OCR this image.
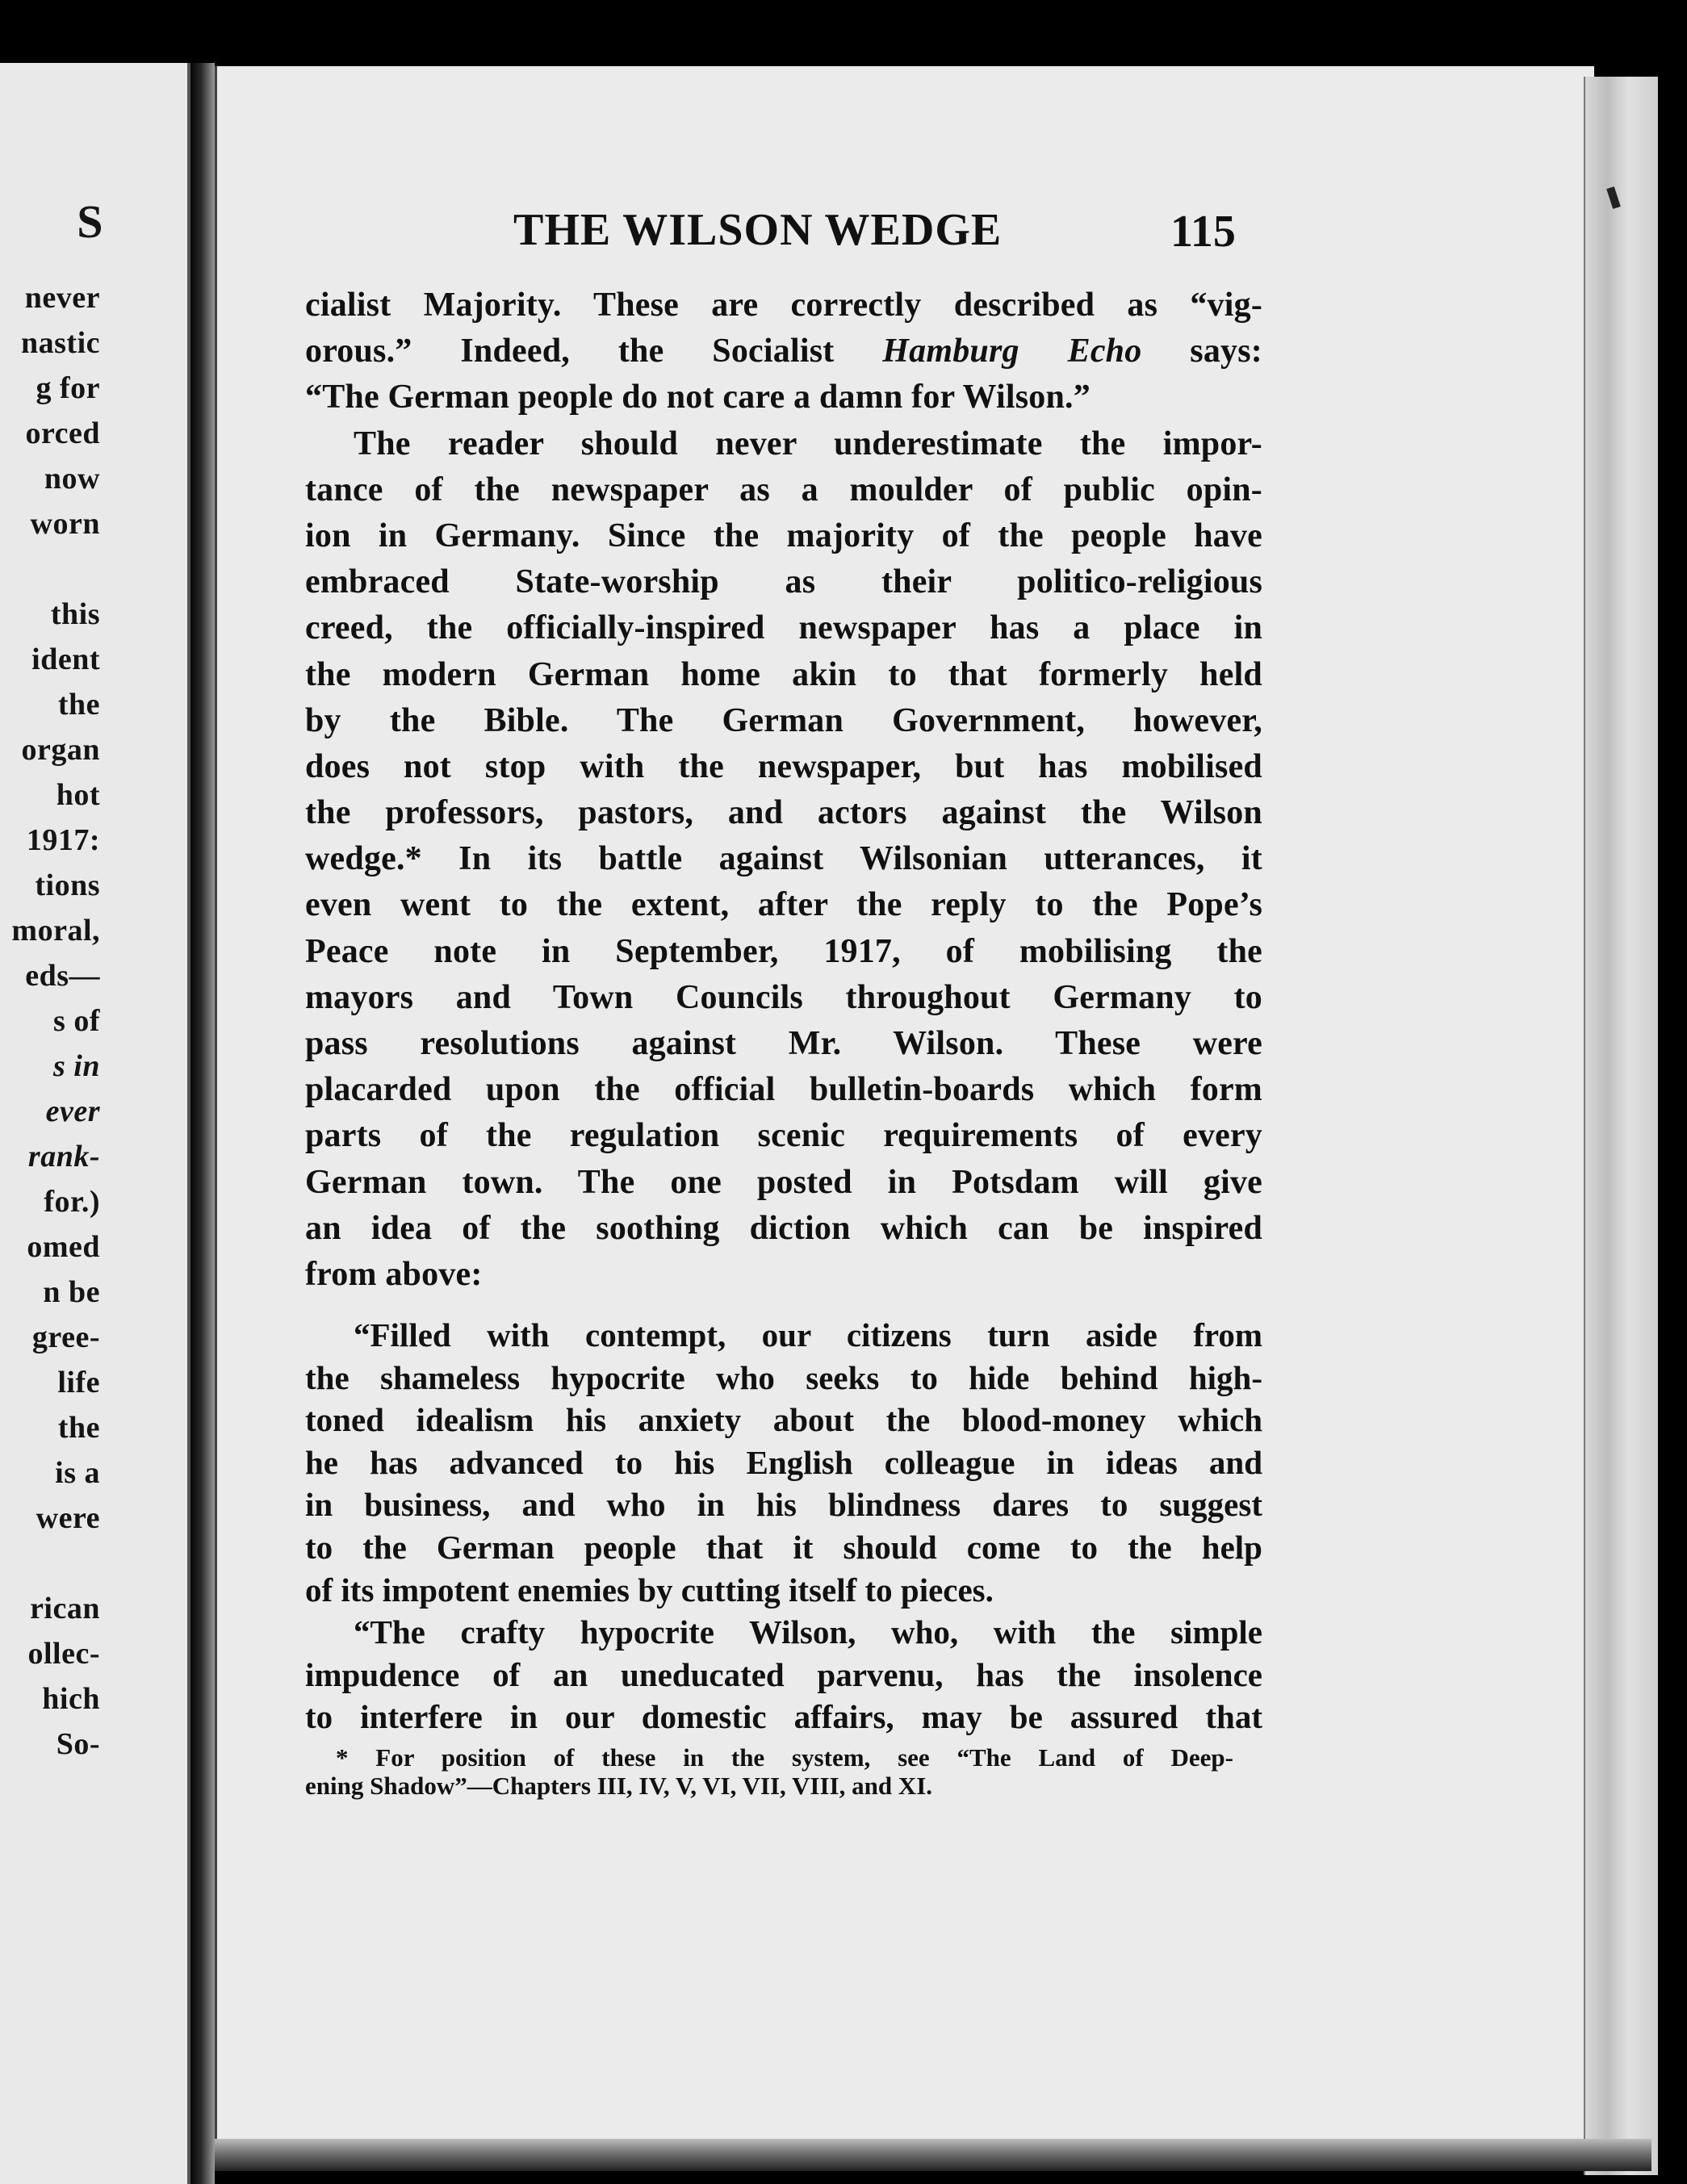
S
never
nastic
g for
orced
now
worn
this
ident
the
organ
hot
1917:
tions
moral,
eds—
s of
s in
ever
rank-
for.)
omed
n be
gree-
life
the
is a
were
rican
ollec-
hich
So-
THE WILSON WEDGE	115
cialist Majority. These are correctly described as “vig-
orous.” Indeed, the Socialist Hamburg Echo says:
“The German people do not care a damn for Wilson.”
The reader should never underestimate the impor-
tance of the newspaper as a moulder of public opin-
ion in Germany. Since the majority of the people have
embraced State-worship as their politico-religious
creed, the officially-inspired newspaper has a place in
the modern German home akin to that formerly held
by the Bible. The German Government, however,
does not stop with the newspaper, but has mobilised
the professors, pastors, and actors against the Wilson
wedge.* In its battle against Wilsonian utterances, it
even went to the extent, after the reply to the Pope’s
Peace note in September, 1917, of mobilising the
mayors and Town Councils throughout Germany to
pass resolutions against Mr. Wilson. These were
placarded upon the official bulletin-boards which form
parts of the regulation scenic requirements of every
German town. The one posted in Potsdam will give
an idea of the soothing diction which can be inspired
from above:
“Filled with contempt, our citizens turn aside from
the shameless hypocrite who seeks to hide behind high-
toned idealism his anxiety about the blood-money which
he has advanced to his English colleague in ideas and
in business, and who in his blindness dares to suggest
to the German people that it should come to the help
of its impotent enemies by cutting itself to pieces.
“The crafty hypocrite Wilson, who, with the simple
impudence of an uneducated parvenu, has the insolence
to interfere in our domestic affairs, may be assured that
* For position of these in the system, see “The Land of Deep-
ening Shadow”—Chapters III, IV, V, VI, VII, VIII, and XI.
